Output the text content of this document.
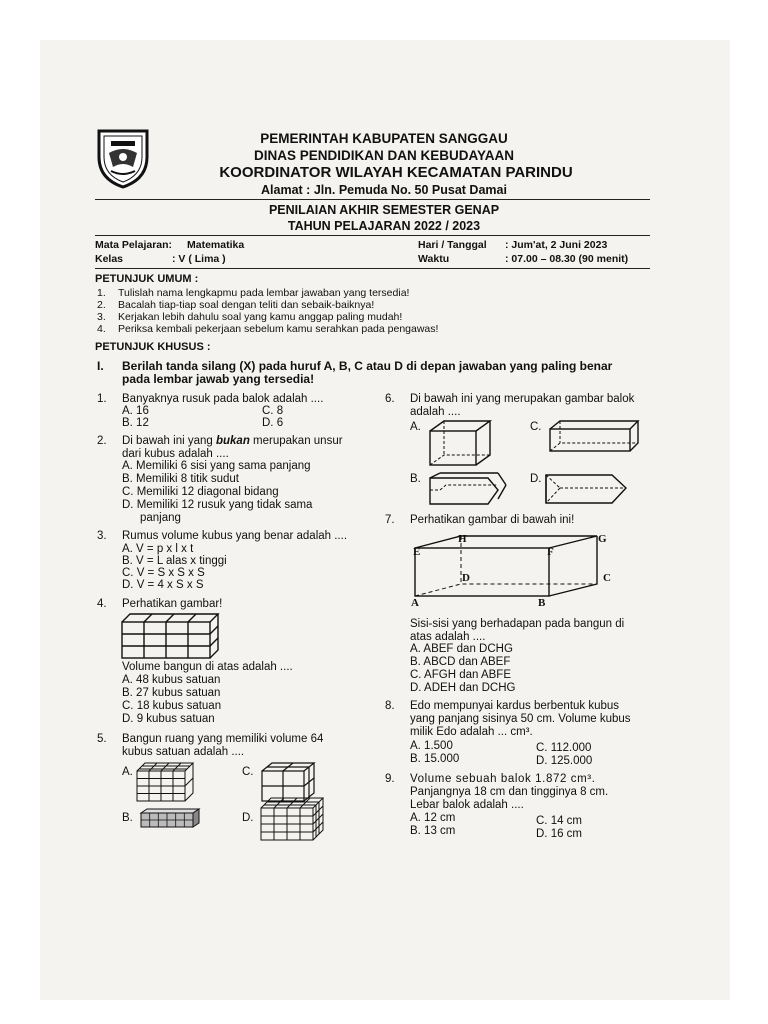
PEMERINTAH KABUPATEN SANGGAU
DINAS PENDIDIKAN DAN KEBUDAYAAN
KOORDINATOR WILAYAH KECAMATAN PARINDU
Alamat : Jln. Pemuda No. 50 Pusat Damai
PENILAIAN AKHIR SEMESTER GENAP
TAHUN PELAJARAN 2022 / 2023
Mata Pelajaran: Matematika
Kelas	: V ( Lima )
Hari / Tanggal : Jum'at, 2 Juni 2023
Waktu	: 07.00 – 08.30 (90 menit)
PETUNJUK UMUM :
1. Tulislah nama lengkapmu pada lembar jawaban yang tersedia!
2. Bacalah tiap-tiap soal dengan teliti dan sebaik-baiknya!
3. Kerjakan lebih dahulu soal yang kamu anggap paling mudah!
4. Periksa kembali pekerjaan sebelum kamu serahkan pada pengawas!
PETUNJUK KHUSUS :
I. Berilah tanda silang (X) pada huruf A, B, C atau D di depan jawaban yang paling benar
pada lembar jawab yang tersedia!
1. Banyaknya rusuk pada balok adalah ....
A. 16	C. 8
B. 12	D. 6
2. Di bawah ini yang bukan merupakan unsur
dari kubus adalah ....
A. Memiliki 6 sisi yang sama panjang
B. Memiliki 8 titik sudut
C. Memiliki 12 diagonal bidang
D. Memiliki 12 rusuk yang tidak sama
panjang
3. Rumus volume kubus yang benar adalah ....
A. V = p x l x t
B. V = L alas x tinggi
C. V = S x S x S
D. V = 4 x S x S
4. Perhatikan gambar!
Volume bangun di atas adalah ....
A. 48 kubus satuan
B. 27 kubus satuan
C. 18 kubus satuan
D. 9 kubus satuan
5. Bangun ruang yang memiliki volume 64
kubus satuan adalah ....
A.	C.
B.	D.
6. Di bawah ini yang merupakan gambar balok
adalah ....
A.	C.
B.	D.
7. Perhatikan gambar di bawah ini!
E
H
F
G
D	C
A	B
Sisi-sisi yang berhadapan pada bangun di
atas adalah ....
A. ABEF dan DCHG
B. ABCD dan ABEF
C. AFGH dan ABFE
D. ADEH dan DCHG
8. Edo mempunyai kardus berbentuk kubus
yang panjang sisinya 50 cm. Volume kubus
milik Edo adalah ... cm³.
A. 1.500	C. 112.000
B. 15.000	D. 125.000
9. Volume sebuah balok 1.872 cm³.
Panjangnya 18 cm dan tingginya 8 cm.
Lebar balok adalah ....
A. 12 cm	C. 14 cm
B. 13 cm	D. 16 cm
